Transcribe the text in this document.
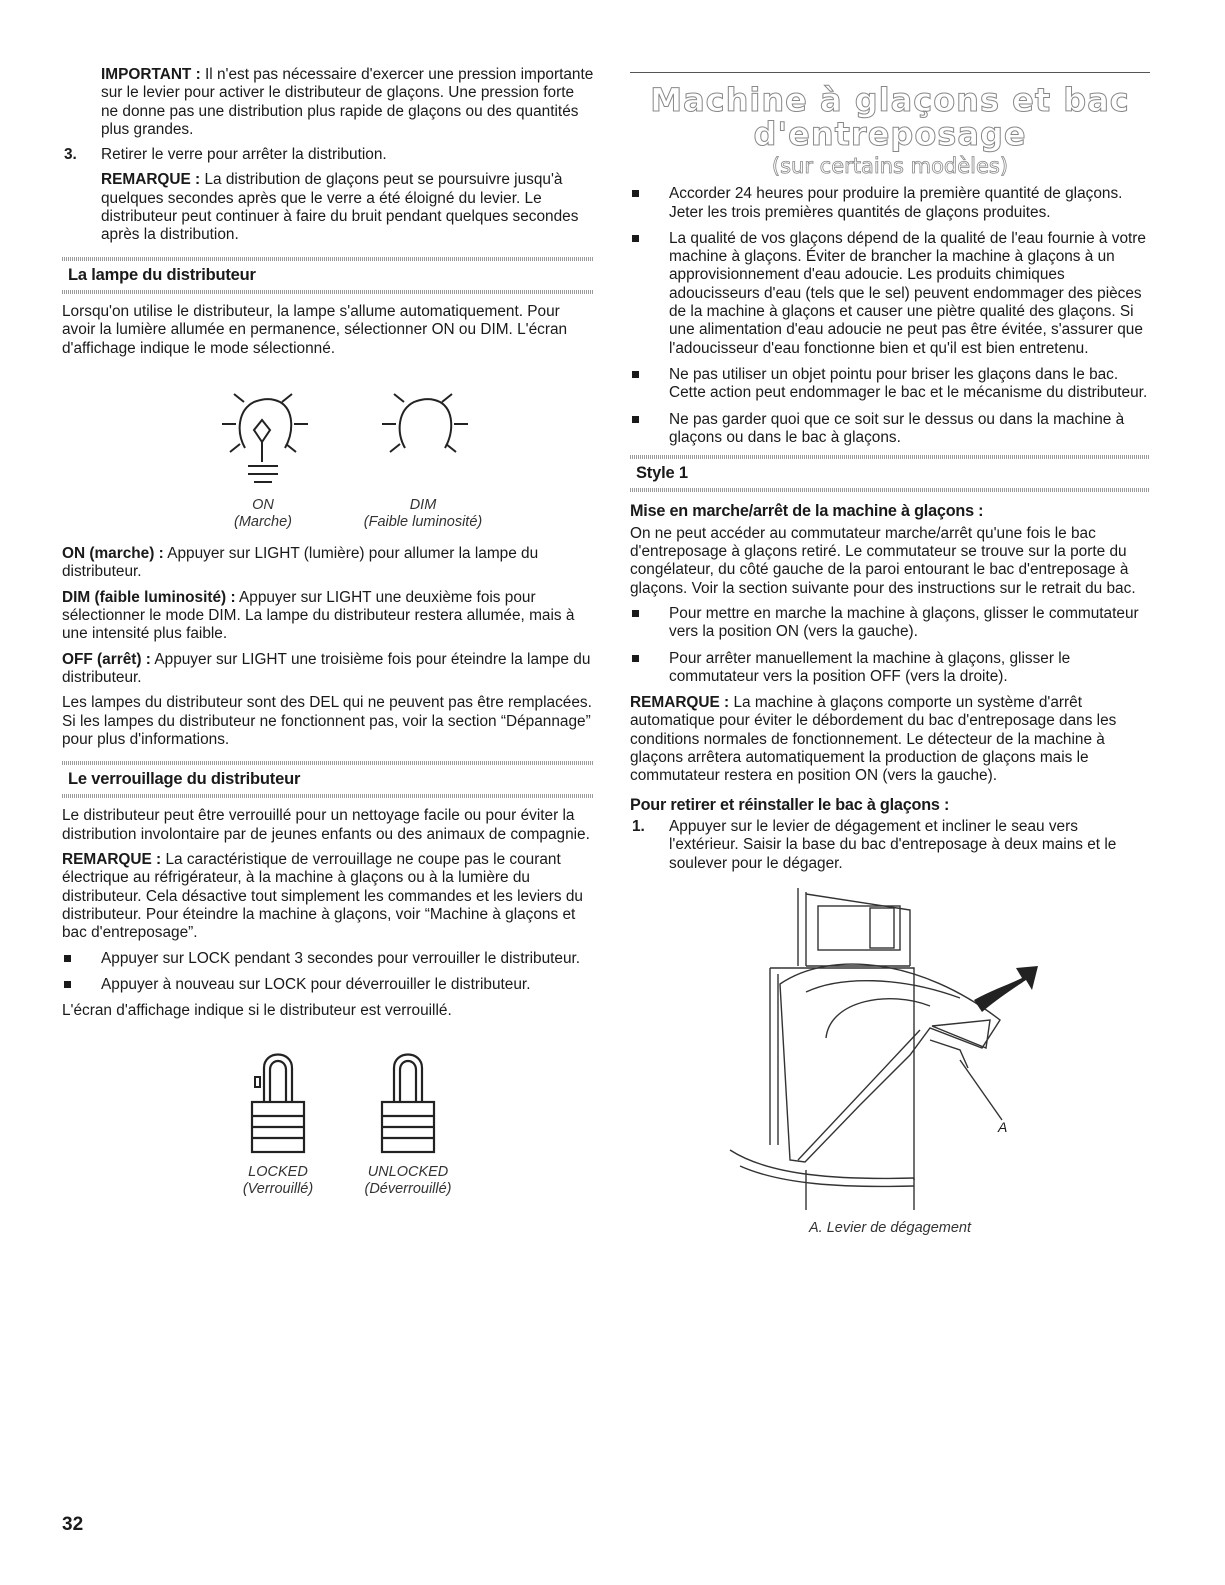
IMPORTANT : Il n'est pas nécessaire d'exercer une pression importante sur le levier pour activer le distributeur de glaçons. Une pression forte ne donne pas une distribution plus rapide de glaçons ou des quantités plus grandes.

3. Retirer le verre pour arrêter la distribution.

REMARQUE : La distribution de glaçons peut se poursuivre jusqu'à quelques secondes après que le verre a été éloigné du levier. Le distributeur peut continuer à faire du bruit pendant quelques secondes après la distribution.

La lampe du distributeur

Lorsqu'on utilise le distributeur, la lampe s'allume automatiquement. Pour avoir la lumière allumée en permanence, sélectionner ON ou DIM. L'écran d'affichage indique le mode sélectionné.

ON
(Marche)
DIM
(Faible luminosité)

ON (marche) : Appuyer sur LIGHT (lumière) pour allumer la lampe du distributeur.

DIM (faible luminosité) : Appuyer sur LIGHT une deuxième fois pour sélectionner le mode DIM. La lampe du distributeur restera allumée, mais à une intensité plus faible.

OFF (arrêt) : Appuyer sur LIGHT une troisième fois pour éteindre la lampe du distributeur.

Les lampes du distributeur sont des DEL qui ne peuvent pas être remplacées. Si les lampes du distributeur ne fonctionnent pas, voir la section “Dépannage” pour plus d'informations.

Le verrouillage du distributeur

Le distributeur peut être verrouillé pour un nettoyage facile ou pour éviter la distribution involontaire par de jeunes enfants ou des animaux de compagnie.

REMARQUE : La caractéristique de verrouillage ne coupe pas le courant électrique au réfrigérateur, à la machine à glaçons ou à la lumière du distributeur. Cela désactive tout simplement les commandes et les leviers du distributeur. Pour éteindre la machine à glaçons, voir “Machine à glaçons et bac d'entreposage”.

Appuyer sur LOCK pendant 3 secondes pour verrouiller le distributeur.
Appuyer à nouveau sur LOCK pour déverrouiller le distributeur.

L'écran d'affichage indique si le distributeur est verrouillé.

LOCKED
(Verrouillé)
UNLOCKED
(Déverrouillé)
Machine à glaçons et bac
d'entreposage
(sur certains modèles)
Accorder 24 heures pour produire la première quantité de glaçons. Jeter les trois premières quantités de glaçons produites.
La qualité de vos glaçons dépend de la qualité de l'eau fournie à votre machine à glaçons. Éviter de brancher la machine à glaçons à un approvisionnement d'eau adoucie. Les produits chimiques adoucisseurs d'eau (tels que le sel) peuvent endommager des pièces de la machine à glaçons et causer une piètre qualité des glaçons. Si une alimentation d'eau adoucie ne peut pas être évitée, s'assurer que l'adoucisseur d'eau fonctionne bien et qu'il est bien entretenu.
Ne pas utiliser un objet pointu pour briser les glaçons dans le bac. Cette action peut endommager le bac et le mécanisme du distributeur.
Ne pas garder quoi que ce soit sur le dessus ou dans la machine à glaçons ou dans le bac à glaçons.
Style 1
Mise en marche/arrêt de la machine à glaçons :

On ne peut accéder au commutateur marche/arrêt qu'une fois le bac d'entreposage à glaçons retiré. Le commutateur se trouve sur la porte du congélateur, du côté gauche de la paroi entourant le bac d'entreposage à glaçons. Voir la section suivante pour des instructions sur le retrait du bac.

Pour mettre en marche la machine à glaçons, glisser le commutateur vers la position ON (vers la gauche).
Pour arrêter manuellement la machine à glaçons, glisser le commutateur vers la position OFF (vers la droite).

REMARQUE : La machine à glaçons comporte un système d'arrêt automatique pour éviter le débordement du bac d'entreposage dans les conditions normales de fonctionnement. Le détecteur de la machine à glaçons arrêtera automatiquement la production de glaçons mais le commutateur restera en position ON (vers la gauche).

Pour retirer et réinstaller le bac à glaçons :

1. Appuyer sur le levier de dégagement et incliner le seau vers l'extérieur. Saisir la base du bac d'entreposage à deux mains et le soulever pour le dégager.

A
A. Levier de dégagement
32
